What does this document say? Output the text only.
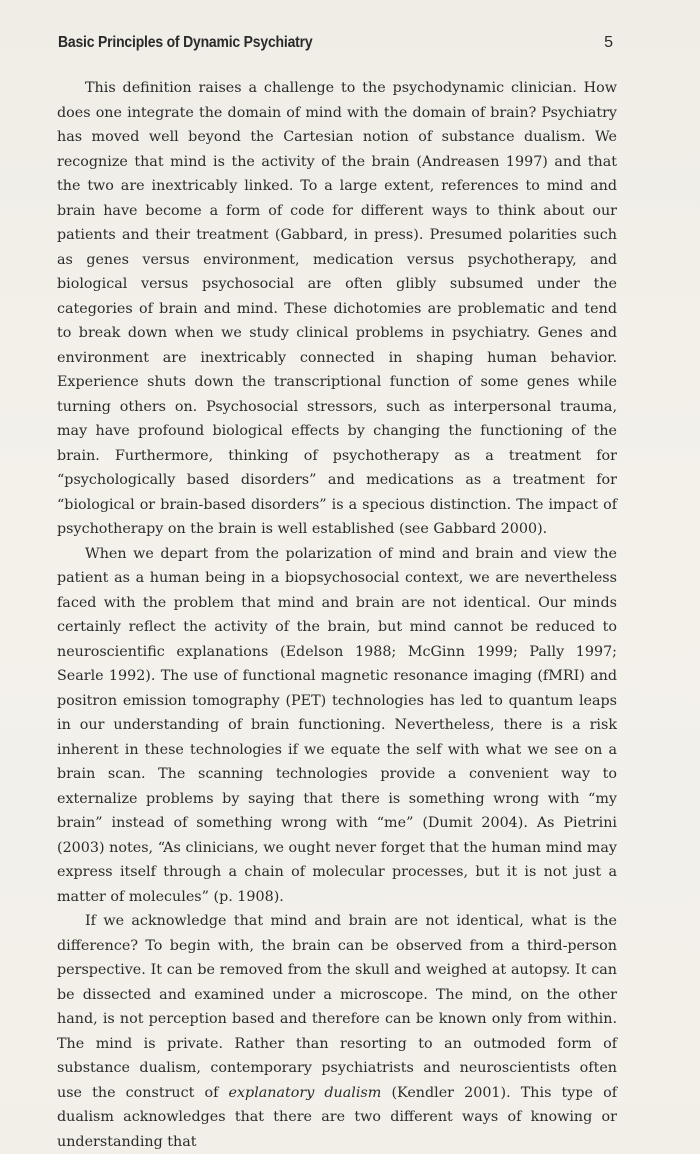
Basic Principles of Dynamic Psychiatry	5

This definition raises a challenge to the psychodynamic clinician. How does one integrate the domain of mind with the domain of brain? Psychiatry has moved well beyond the Cartesian notion of substance dualism. We recognize that mind is the activity of the brain (Andreasen 1997) and that the two are inextricably linked. To a large extent, references to mind and brain have become a form of code for different ways to think about our patients and their treatment (Gabbard, in press). Presumed polarities such as genes versus environment, medication versus psychotherapy, and biological versus psychosocial are often glibly subsumed under the categories of brain and mind. These dichotomies are problematic and tend to break down when we study clinical problems in psychiatry. Genes and environment are inextricably connected in shaping human behavior. Experience shuts down the transcriptional function of some genes while turning others on. Psychosocial stressors, such as interpersonal trauma, may have profound biological effects by changing the functioning of the brain. Furthermore, thinking of psychotherapy as a treatment for “psychologically based disorders” and medications as a treatment for “biological or brain-based disorders” is a specious distinction. The impact of psychotherapy on the brain is well established (see Gabbard 2000).

When we depart from the polarization of mind and brain and view the patient as a human being in a biopsychosocial context, we are nevertheless faced with the problem that mind and brain are not identical. Our minds certainly reflect the activity of the brain, but mind cannot be reduced to neuroscientific explanations (Edelson 1988; McGinn 1999; Pally 1997; Searle 1992). The use of functional magnetic resonance imaging (fMRI) and positron emission tomography (PET) technologies has led to quantum leaps in our understanding of brain functioning. Nevertheless, there is a risk inherent in these technologies if we equate the self with what we see on a brain scan. The scanning technologies provide a convenient way to externalize problems by saying that there is something wrong with “my brain” instead of something wrong with “me” (Dumit 2004). As Pietrini (2003) notes, “As clinicians, we ought never forget that the human mind may express itself through a chain of molecular processes, but it is not just a matter of molecules” (p. 1908).

If we acknowledge that mind and brain are not identical, what is the difference? To begin with, the brain can be observed from a third-person perspective. It can be removed from the skull and weighed at autopsy. It can be dissected and examined under a microscope. The mind, on the other hand, is not perception based and therefore can be known only from within. The mind is private. Rather than resorting to an outmoded form of substance dualism, contemporary psychiatrists and neuroscientists often use the construct of explanatory dualism (Kendler 2001). This type of dualism acknowledges that there are two different ways of knowing or understanding that
